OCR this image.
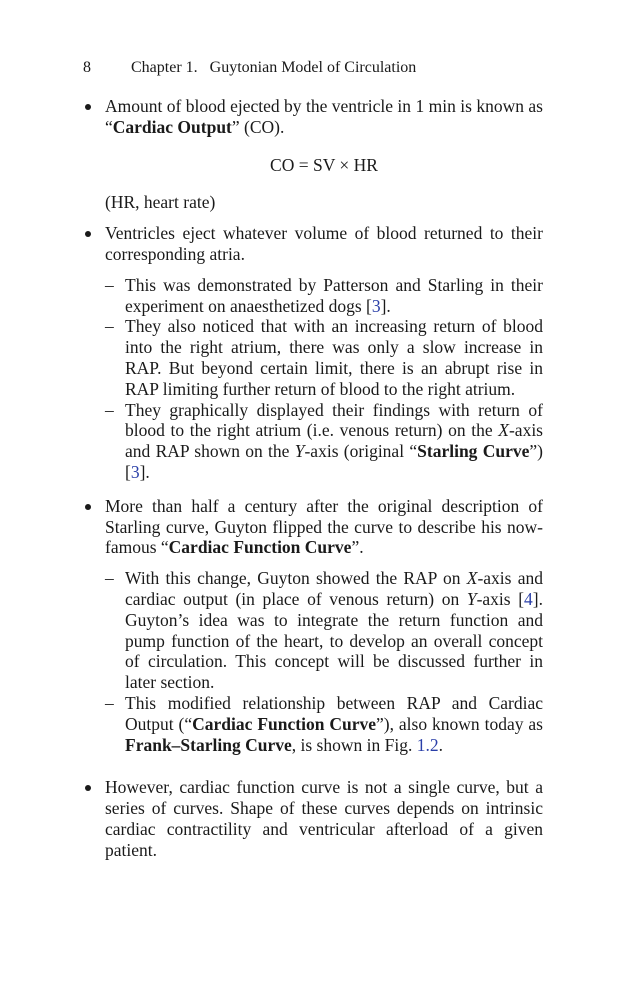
8	Chapter 1.   Guytonian Model of Circulation

Amount of blood ejected by the ventricle in 1 min is known as “Cardiac Output” (CO).

CO = SV × HR

(HR, heart rate)

Ventricles eject whatever volume of blood returned to their corresponding atria.

– This was demonstrated by Patterson and Starling in their experiment on anaesthetized dogs [3].

– They also noticed that with an increasing return of blood into the right atrium, there was only a slow increase in RAP. But beyond certain limit, there is an abrupt rise in RAP limiting further return of blood to the right atrium.

– They graphically displayed their findings with return of blood to the right atrium (i.e. venous return) on the X-axis and RAP shown on the Y-axis (original “Starling Curve”) [3].

More than half a century after the original description of Starling curve, Guyton flipped the curve to describe his now-famous “Cardiac Function Curve”.

– With this change, Guyton showed the RAP on X-axis and cardiac output (in place of venous return) on Y-axis [4]. Guyton’s idea was to integrate the return function and pump function of the heart, to develop an overall concept of circulation. This concept will be discussed further in later section.

– This modified relationship between RAP and Cardiac Output (“Cardiac Function Curve”), also known today as Frank–Starling Curve, is shown in Fig. 1.2.

However, cardiac function curve is not a single curve, but a series of curves. Shape of these curves depends on intrinsic cardiac contractility and ventricular afterload of a given patient.
